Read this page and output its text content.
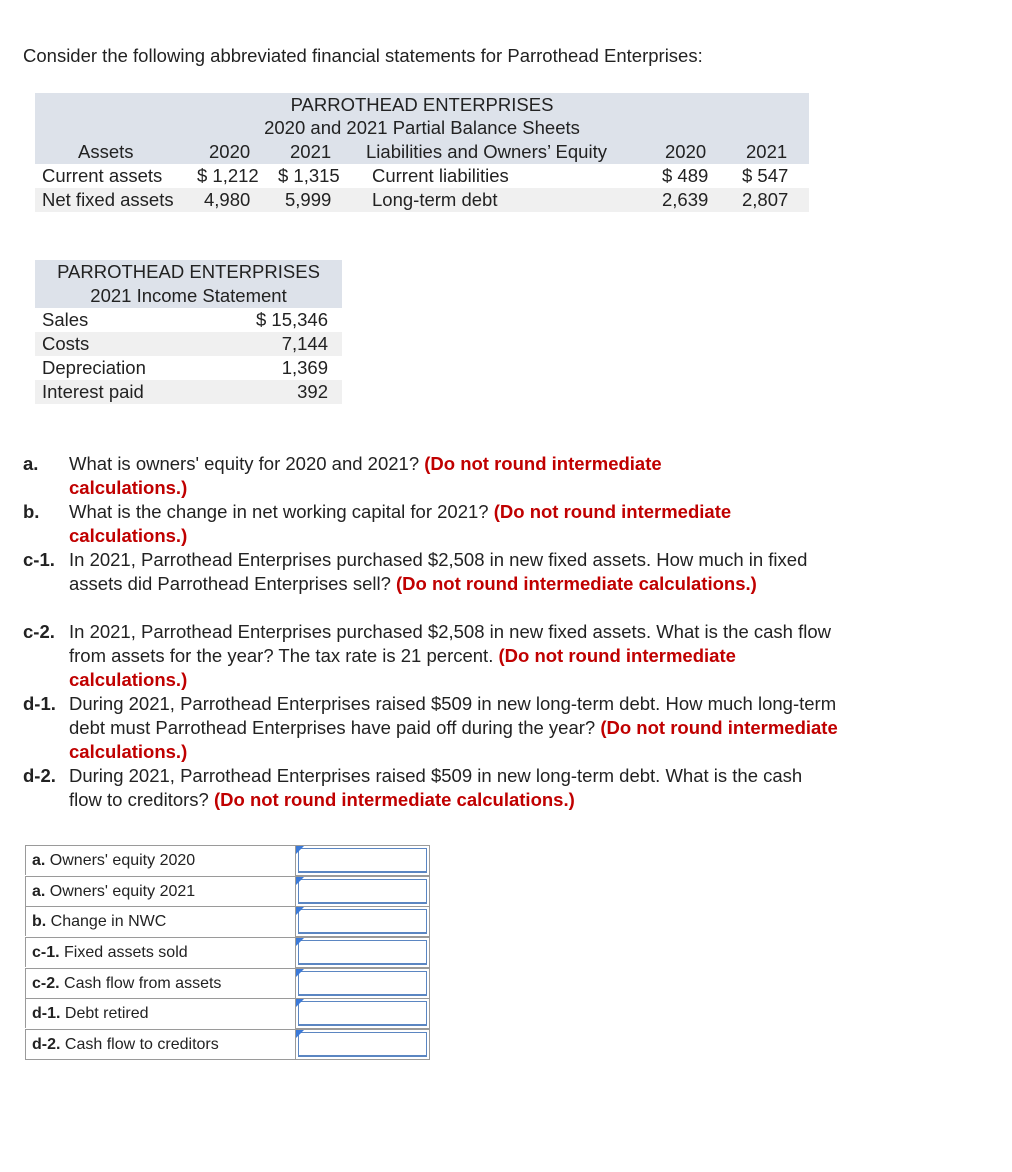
Consider the following abbreviated financial statements for Parrothead Enterprises:
PARROTHEAD ENTERPRISES
2020 and 2021 Partial Balance Sheets
Assets	2020 2021 Liabilities and Owners’ Equity	2020 2021
Current assets $ 1,212 $ 1,315 Current liabilities	$ 489 $ 547
Net fixed assets 4,980 5,999 Long-term debt	2,639 2,807
PARROTHEAD ENTERPRISES
2021 Income Statement
Sales	$ 15,346
Costs	7,144
Depreciation	1,369
Interest paid	392
a. What is owners' equity for 2020 and 2021? (Do not round intermediate calculations.)
b. What is the change in net working capital for 2021? (Do not round intermediate calculations.)
c-1. In 2021, Parrothead Enterprises purchased $2,508 in new fixed assets. How much in fixed assets did Parrothead Enterprises sell? (Do not round intermediate calculations.)
c-2. In 2021, Parrothead Enterprises purchased $2,508 in new fixed assets. What is the cash flow from assets for the year? The tax rate is 21 percent. (Do not round intermediate calculations.)
d-1. During 2021, Parrothead Enterprises raised $509 in new long-term debt. How much long-term debt must Parrothead Enterprises have paid off during the year? (Do not round intermediate calculations.)
d-2. During 2021, Parrothead Enterprises raised $509 in new long-term debt. What is the cash flow to creditors? (Do not round intermediate calculations.)
a. Owners' equity 2020
a. Owners' equity 2021
b. Change in NWC
c-1. Fixed assets sold
c-2. Cash flow from assets
d-1. Debt retired
d-2. Cash flow to creditors
